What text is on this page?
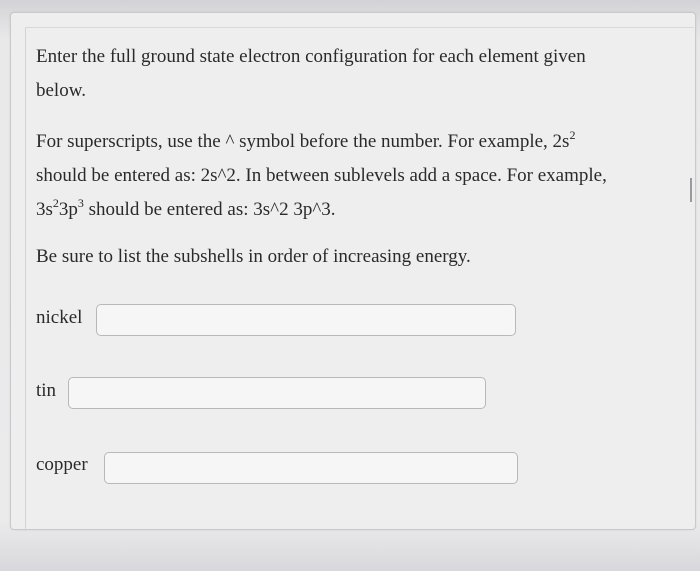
Enter the full ground state electron configuration for each element given
below.
For superscripts, use the ^ symbol before the number. For example, $2s^2$
should be entered as: 2s^2. In between sublevels add a space. For example,
$3s^23p^3$ should be entered as: 3s^2 3p^3.
Be sure to list the subshells in order of increasing energy.
nickel
tin
copper
